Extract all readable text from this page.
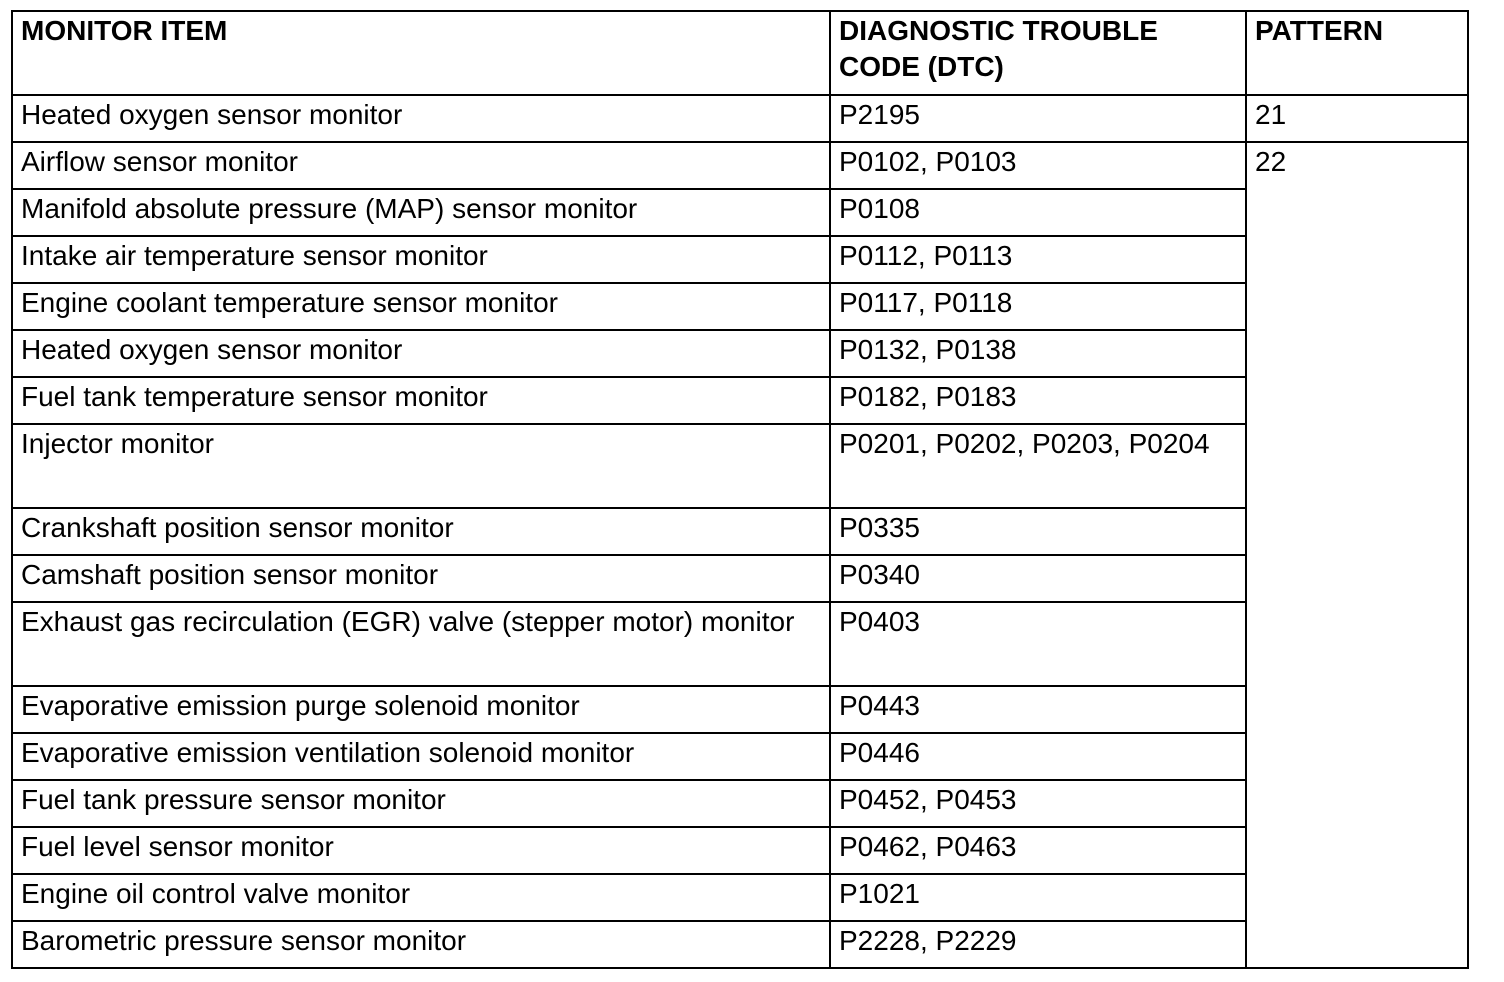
MONITOR ITEM	DIAGNOSTIC TROUBLE CODE (DTC)	PATTERN
Heated oxygen sensor monitor	P2195	21
Airflow sensor monitor	P0102, P0103	22
Manifold absolute pressure (MAP) sensor monitor	P0108	
Intake air temperature sensor monitor	P0112, P0113	
Engine coolant temperature sensor monitor	P0117, P0118	
Heated oxygen sensor monitor	P0132, P0138	
Fuel tank temperature sensor monitor	P0182, P0183	
Injector monitor	P0201, P0202, P0203, P0204	
Crankshaft position sensor monitor	P0335	
Camshaft position sensor monitor	P0340	
Exhaust gas recirculation (EGR) valve (stepper motor) monitor	P0403	
Evaporative emission purge solenoid monitor	P0443	
Evaporative emission ventilation solenoid monitor	P0446	
Fuel tank pressure sensor monitor	P0452, P0453	
Fuel level sensor monitor	P0462, P0463	
Engine oil control valve monitor	P1021	
Barometric pressure sensor monitor	P2228, P2229	
